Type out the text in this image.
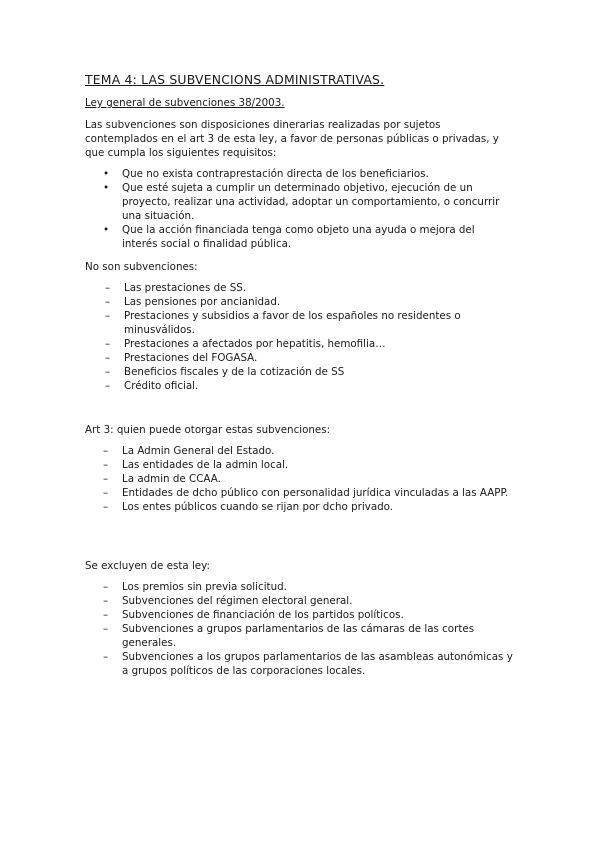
TEMA 4: LAS SUBVENCIONS ADMINISTRATIVAS.
Ley general de subvenciones 38/2003.
Las subvenciones son disposiciones dinerarias realizadas por sujetos contemplados en el art 3 de esta ley, a favor de personas públicas o privadas, y que cumpla los siguientes requisitos:
• Que no exista contraprestación directa de los beneficiarios.
• Que esté sujeta a cumplir un determinado objetivo, ejecución de un proyecto, realizar una actividad, adoptar un comportamiento, o concurrir una situación.
• Que la acción financiada tenga como objeto una ayuda o mejora del interés social o finalidad pública.
No son subvenciones:
– Las prestaciones de SS.
– Las pensiones por ancianidad.
– Prestaciones y subsidios a favor de los españoles no residentes o minusválidos.
– Prestaciones a afectados por hepatitis, hemofilia…
– Prestaciones del FOGASA.
– Beneficios fiscales y de la cotización de SS
– Crédito oficial.
Art 3: quien puede otorgar estas subvenciones:
– La Admin General del Estado.
– Las entidades de la admin local.
– La admin de CCAA.
– Entidades de dcho público con personalidad jurídica vinculadas a las AAPP.
– Los entes públicos cuando se rijan por dcho privado.
Se excluyen de esta ley:
– Los premios sin previa solicitud.
– Subvenciones del régimen electoral general.
– Subvenciones de financiación de los partidos políticos.
– Subvenciones a grupos parlamentarios de las cámaras de las cortes generales.
– Subvenciones a los grupos parlamentarios de las asambleas autonómicas y a grupos políticos de las corporaciones locales.
